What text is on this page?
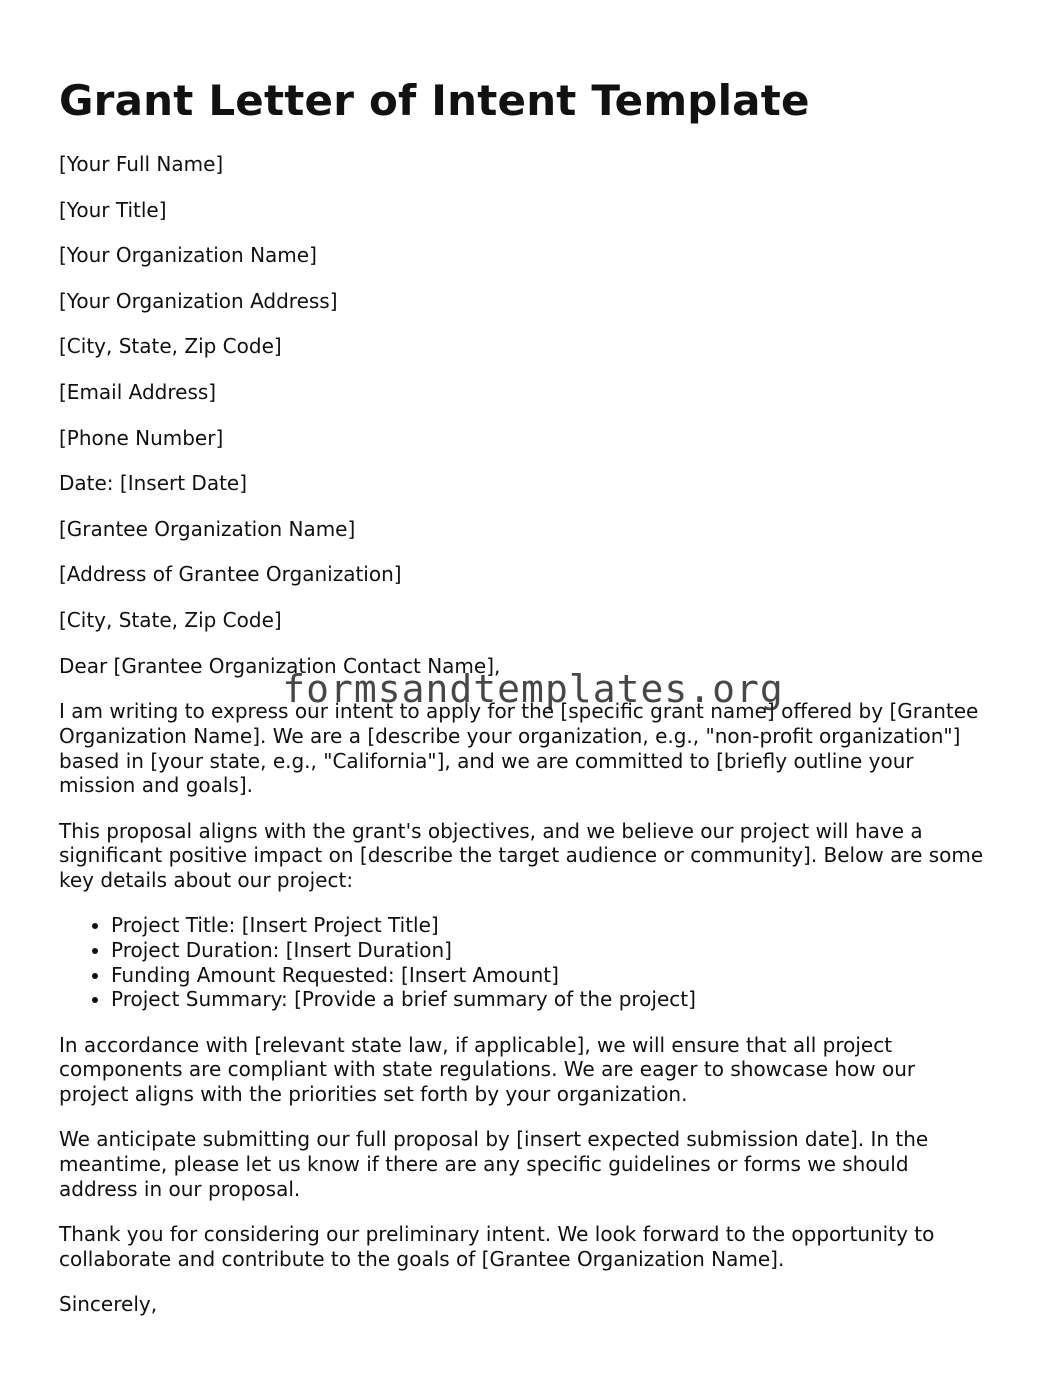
Grant Letter of Intent Template
[Your Full Name]
[Your Title]
[Your Organization Name]
[Your Organization Address]
[City, State, Zip Code]
[Email Address]
[Phone Number]
Date: [Insert Date]
[Grantee Organization Name]
[Address of Grantee Organization]
[City, State, Zip Code]
Dear [Grantee Organization Contact Name],

I am writing to express our intent to apply for the [specific grant name] offered by [Grantee Organization Name]. We are a [describe your organization, e.g., "non-profit organization"] based in [your state, e.g., "California"], and we are committed to [briefly outline your mission and goals].

This proposal aligns with the grant's objectives, and we believe our project will have a significant positive impact on [describe the target audience or community]. Below are some key details about our project:

• Project Title: [Insert Project Title]
• Project Duration: [Insert Duration]
• Funding Amount Requested: [Insert Amount]
• Project Summary: [Provide a brief summary of the project]

In accordance with [relevant state law, if applicable], we will ensure that all project components are compliant with state regulations. We are eager to showcase how our project aligns with the priorities set forth by your organization.

We anticipate submitting our full proposal by [insert expected submission date]. In the meantime, please let us know if there are any specific guidelines or forms we should address in our proposal.

Thank you for considering our preliminary intent. We look forward to the opportunity to collaborate and contribute to the goals of [Grantee Organization Name].

Sincerely,

formsandtemplates.org
